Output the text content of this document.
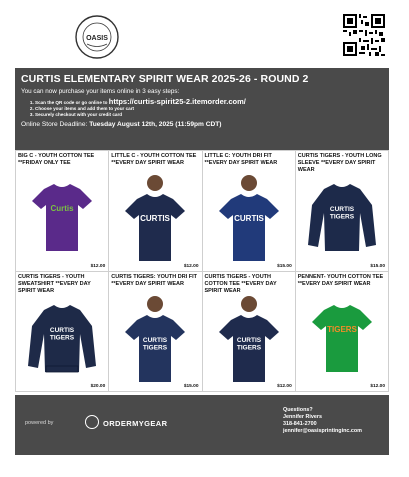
OASIS
CURTIS ELEMENTARY SPIRIT WEAR 2025-26 - ROUND 2

You can now purchase your items online in 3 easy steps:

1. Scan the QR code or go online to https://curtis-spirit25-2.itemorder.com/
2. Choose your items and add them to your cart
3. Securely checkout with your credit card

Online Store Deadline: Tuesday August 12th, 2025 (11:59pm CDT)

Curtis
BIG C - YOUTH COTTON TEE **FRIDAY ONLY TEE
$12.00
CURTIS
LITTLE C - YOUTH COTTON TEE **EVERY DAY SPIRIT WEAR
$12.00
CURTIS
LITTLE C: YOUTH DRI FIT **EVERY DAY SPIRIT WEAR
$15.00
CURTIS
TIGERS
CURTIS TIGERS - YOUTH LONG SLEEVE **EVERY DAY SPIRIT WEAR
$15.00
CURTIS
TIGERS
CURTIS TIGERS - YOUTH SWEATSHIRT **EVERY DAY SPIRIT WEAR
$20.00
CURTIS
TIGERS
CURTIS TIGERS: YOUTH DRI FIT **EVERY DAY SPIRIT WEAR
$15.00
CURTIS
TIGERS
CURTIS TIGERS - YOUTH COTTON TEE **EVERY DAY SPIRIT WEAR
$12.00
TIGERS
PENNENT- YOUTH COTTON TEE **EVERY DAY SPIRIT WEAR
$12.00
powered by	ORDERMYGEAR
Questions?
Jennifer Rivers
318-841-2700
jennifer@oasisprintinginc.com
